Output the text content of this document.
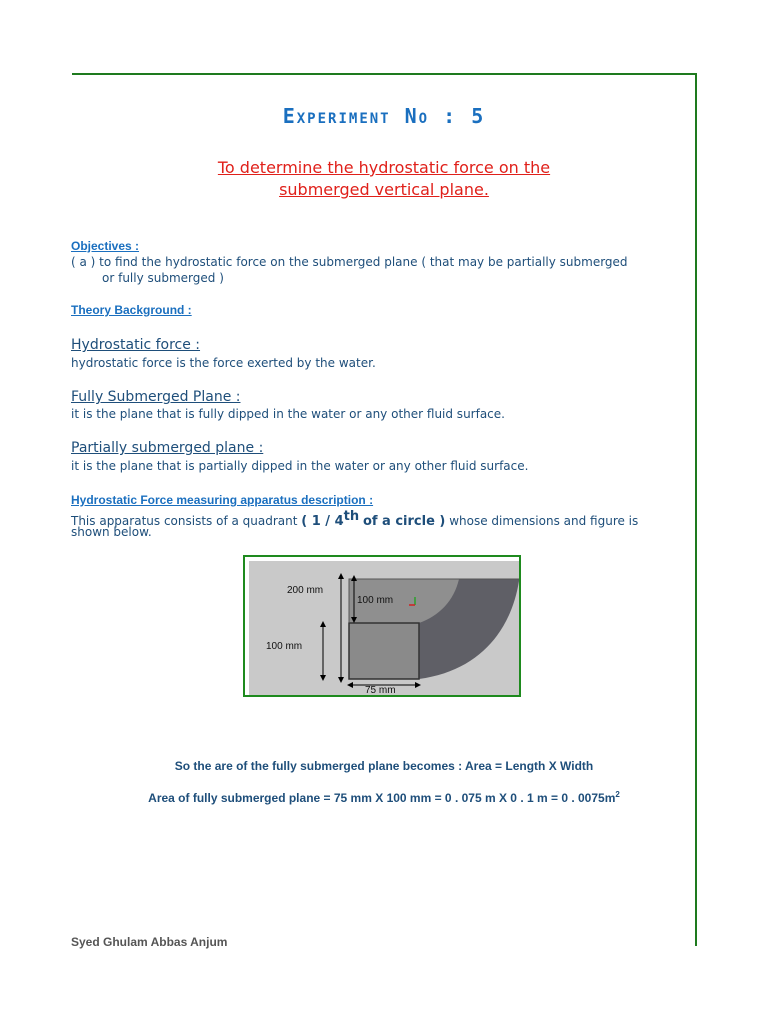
Experiment No : 5
To determine the hydrostatic force on the
submerged vertical plane.
Objectives :
( a ) to find the hydrostatic force on the submerged plane ( that may be partially submerged
or fully submerged )
Theory Background :
Hydrostatic force :
hydrostatic force is the force exerted by the water.
Fully Submerged Plane :
it is the plane that is fully dipped in the water or any other fluid surface.
Partially submerged plane :
it is the plane that is partially dipped in the water or any other fluid surface.
Hydrostatic Force measuring apparatus description :
This apparatus consists of a quadrant ( 1 / 4th of a circle ) whose dimensions and figure is
shown below.
200 mm
100 mm
100 mm
75 mm
So the are of the fully submerged plane becomes : Area = Length X Width
Area of fully submerged plane = 75 mm X 100 mm = 0 . 075 m X 0 . 1 m = 0 . $0075m^2$
Syed Ghulam Abbas Anjum
